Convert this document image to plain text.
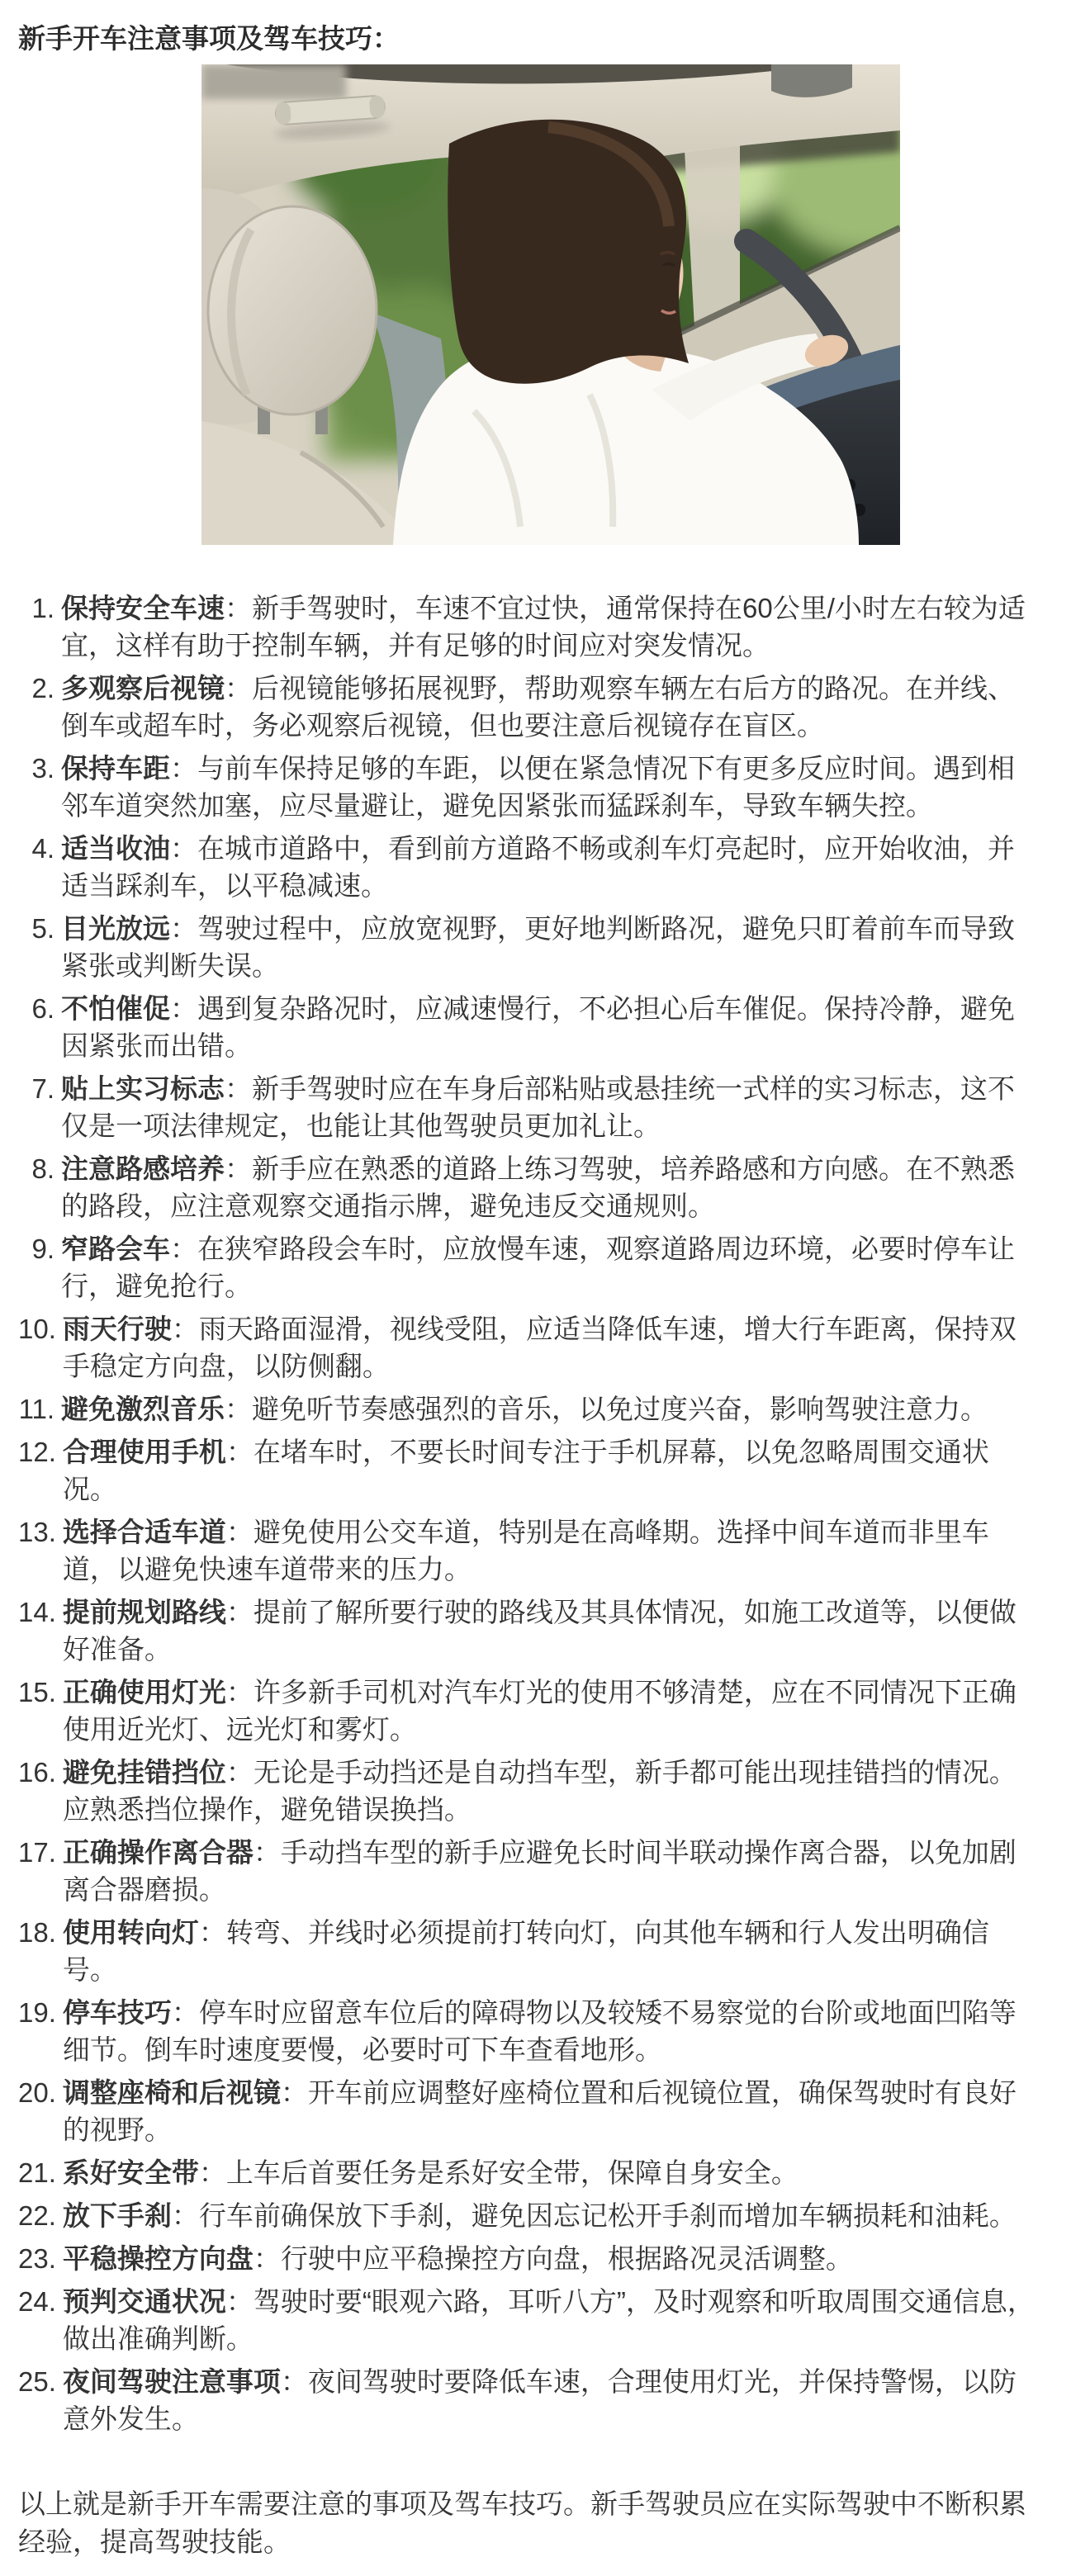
新手开车注意事项及驾车技巧：

1. 保持安全车速：新手驾驶时，车速不宜过快，通常保持在60公里/小时左右较为适宜，这样有助于控制车辆，并有足够的时间应对突发情况。
2. 多观察后视镜：后视镜能够拓展视野，帮助观察车辆左右后方的路况。在并线、倒车或超车时，务必观察后视镜，但也要注意后视镜存在盲区。
3. 保持车距：与前车保持足够的车距，以便在紧急情况下有更多反应时间。遇到相邻车道突然加塞，应尽量避让，避免因紧张而猛踩刹车，导致车辆失控。
4. 适当收油：在城市道路中，看到前方道路不畅或刹车灯亮起时，应开始收油，并适当踩刹车，以平稳减速。
5. 目光放远：驾驶过程中，应放宽视野，更好地判断路况，避免只盯着前车而导致紧张或判断失误。
6. 不怕催促：遇到复杂路况时，应减速慢行，不必担心后车催促。保持冷静，避免因紧张而出错。
7. 贴上实习标志：新手驾驶时应在车身后部粘贴或悬挂统一式样的实习标志，这不仅是一项法律规定，也能让其他驾驶员更加礼让。
8. 注意路感培养：新手应在熟悉的道路上练习驾驶，培养路感和方向感。在不熟悉的路段，应注意观察交通指示牌，避免违反交通规则。
9. 窄路会车：在狭窄路段会车时，应放慢车速，观察道路周边环境，必要时停车让行，避免抢行。
10. 雨天行驶：雨天路面湿滑，视线受阻，应适当降低车速，增大行车距离，保持双手稳定方向盘，以防侧翻。
11. 避免激烈音乐：避免听节奏感强烈的音乐，以免过度兴奋，影响驾驶注意力。
12. 合理使用手机：在堵车时，不要长时间专注于手机屏幕，以免忽略周围交通状况。
13. 选择合适车道：避免使用公交车道，特别是在高峰期。选择中间车道而非里车道，以避免快速车道带来的压力。
14. 提前规划路线：提前了解所要行驶的路线及其具体情况，如施工改道等，以便做好准备。
15. 正确使用灯光：许多新手司机对汽车灯光的使用不够清楚，应在不同情况下正确使用近光灯、远光灯和雾灯。
16. 避免挂错挡位：无论是手动挡还是自动挡车型，新手都可能出现挂错挡的情况。应熟悉挡位操作，避免错误换挡。
17. 正确操作离合器：手动挡车型的新手应避免长时间半联动操作离合器，以免加剧离合器磨损。
18. 使用转向灯：转弯、并线时必须提前打转向灯，向其他车辆和行人发出明确信号。
19. 停车技巧：停车时应留意车位后的障碍物以及较矮不易察觉的台阶或地面凹陷等细节。倒车时速度要慢，必要时可下车查看地形。
20. 调整座椅和后视镜：开车前应调整好座椅位置和后视镜位置，确保驾驶时有良好的视野。
21. 系好安全带：上车后首要任务是系好安全带，保障自身安全。
22. 放下手刹：行车前确保放下手刹，避免因忘记松开手刹而增加车辆损耗和油耗。
23. 平稳操控方向盘：行驶中应平稳操控方向盘，根据路况灵活调整。
24. 预判交通状况：驾驶时要“眼观六路，耳听八方”，及时观察和听取周围交通信息，做出准确判断。
25. 夜间驾驶注意事项：夜间驾驶时要降低车速，合理使用灯光，并保持警惕，以防意外发生。

以上就是新手开车需要注意的事项及驾车技巧。新手驾驶员应在实际驾驶中不断积累经验，提高驾驶技能。
